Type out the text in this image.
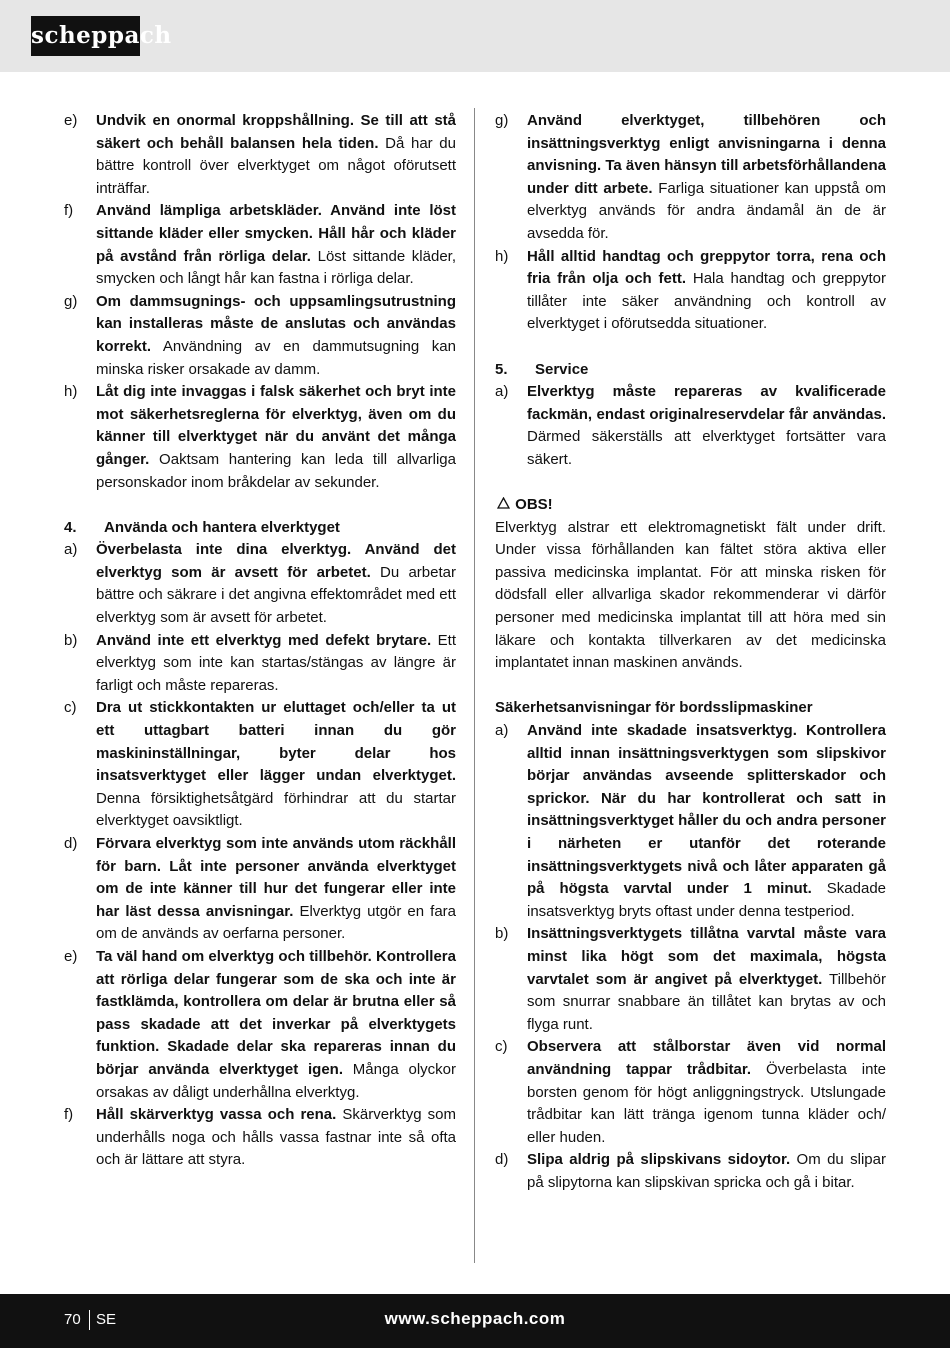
scheppach
e)	Undvik en onormal kroppshållning. Se till att stå säkert och behåll balansen hela tiden. Då har du bättre kontroll över elverktyget om något oförutsett inträffar.
f)	Använd lämpliga arbetskläder. Använd inte löst sittande kläder eller smycken. Håll hår och kläder på avstånd från rörliga delar. Löst sittande kläder, smycken och långt hår kan fastna i rörliga delar.
g)	Om dammsugnings- och uppsamlingsutrustning kan installeras måste de anslutas och användas korrekt. Användning av en dammutsugning kan minska risker orsakade av damm.
h)	Låt dig inte invaggas i falsk säkerhet och bryt inte mot säkerhetsreglerna för elverktyg, även om du känner till elverktyget när du använt det många gånger. Oaktsam hantering kan leda till allvarliga personskador inom bråkdelar av sekunder.
4.	Använda och hantera elverktyget
a)	Överbelasta inte dina elverktyg. Använd det elverktyg som är avsett för arbetet. Du arbetar bättre och säkrare i det angivna effektområdet med ett elverktyg som är avsett för arbetet.
b)	Använd inte ett elverktyg med defekt brytare. Ett elverktyg som inte kan startas/stängas av längre är farligt och måste repareras.
c)	Dra ut stickkontakten ur eluttaget och/eller ta ut ett uttagbart batteri innan du gör maskininställningar, byter delar hos insatsverktyget eller lägger undan elverktyget. Denna försiktighetsåtgärd förhindrar att du startar elverktyget oavsiktligt.
d)	Förvara elverktyg som inte används utom räckhåll för barn. Låt inte personer använda elverktyget om de inte känner till hur det fungerar eller inte har läst dessa anvisningar. Elverktyg utgör en fara om de används av oerfarna personer.
e)	Ta väl hand om elverktyg och tillbehör. Kontrollera att rörliga delar fungerar som de ska och inte är fastklämda, kontrollera om delar är brutna eller så pass skadade att det inverkar på elverktygets funktion. Skadade delar ska repareras innan du börjar använda elverktyget igen. Många olyckor orsakas av dåligt underhållna elverktyg.
f)	Håll skärverktyg vassa och rena. Skärverktyg som underhålls noga och hålls vassa fastnar inte så ofta och är lättare att styra.
g)	Använd elverktyget, tillbehören och insättningsverktyg enligt anvisningarna i denna anvisning. Ta även hänsyn till arbetsförhållandena under ditt arbete. Farliga situationer kan uppstå om elverktyg används för andra ändamål än de är avsedda för.
h)	Håll alltid handtag och greppytor torra, rena och fria från olja och fett. Hala handtag och greppytor tillåter inte säker användning och kontroll av elverktyget i oförutsedda situationer.
5.	Service
a)	Elverktyg måste repareras av kvalificerade fackmän, endast originalreservdelar får användas. Därmed säkerställs att elverktyget fortsätter vara säkert.
OBS!
Elverktyg alstrar ett elektromagnetiskt fält under drift. Under vissa förhållanden kan fältet störa aktiva eller passiva medicinska implantat. För att minska risken för dödsfall eller allvarliga skador rekommenderar vi därför personer med medicinska implantat till att höra med sin läkare och kontakta tillverkaren av det medicinska implantatet innan maskinen används.
Säkerhetsanvisningar för bordsslipmaskiner
a)	Använd inte skadade insatsverktyg. Kontrollera alltid innan insättningsverktygen som slipskivor börjar användas avseende splitterskador och sprickor. När du har kontrollerat och satt in insättningsverktyget håller du och andra personer i närheten er utanför det roterande insättningsverktygets nivå och låter apparaten gå på högsta varvtal under 1 minut. Skadade insatsverktyg bryts oftast under denna testperiod.
b)	Insättningsverktygets tillåtna varvtal måste vara minst lika högt som det maximala, högsta varvtalet som är angivet på elverktyget. Tillbehör som snurrar snabbare än tillåtet kan brytas av och flyga runt.
c)	Observera att stålborstar även vid normal användning tappar trådbitar. Överbelasta inte borsten genom för högt anliggningstryck. Utslungade trådbitar kan lätt tränga igenom tunna kläder och/ eller huden.
d)	Slipa aldrig på slipskivans sidoytor. Om du slipar på slipytorna kan slipskivan spricka och gå i bitar.
70 SE	www.scheppach.com
